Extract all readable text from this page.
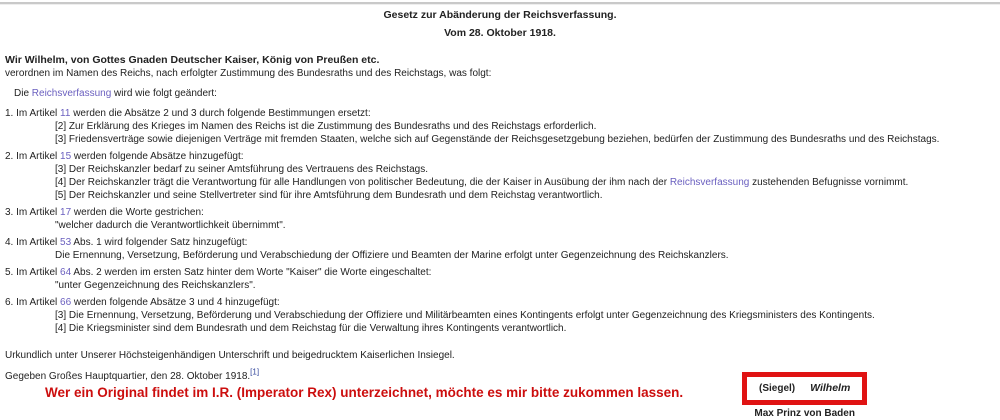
Gesetz zur Abänderung der Reichsverfassung.
Vom 28. Oktober 1918.

Wir Wilhelm, von Gottes Gnaden Deutscher Kaiser, König von Preußen etc.

verordnen im Namen des Reichs, nach erfolgter Zustimmung des Bundesraths und des Reichstags, was folgt:

Die Reichsverfassung wird wie folgt geändert:

1. Im Artikel 11 werden die Absätze 2 und 3 durch folgende Bestimmungen ersetzt:

[2] Zur Erklärung des Krieges im Namen des Reichs ist die Zustimmung des Bundesraths und des Reichstags erforderlich.

[3] Friedensverträge sowie diejenigen Verträge mit fremden Staaten, welche sich auf Gegenstände der Reichsgesetzgebung beziehen, bedürfen der Zustimmung des Bundesraths und des Reichstags.

2. Im Artikel 15 werden folgende Absätze hinzugefügt:

[3] Der Reichskanzler bedarf zu seiner Amtsführung des Vertrauens des Reichstags.

[4] Der Reichskanzler trägt die Verantwortung für alle Handlungen von politischer Bedeutung, die der Kaiser in Ausübung der ihm nach der Reichsverfassung zustehenden Befugnisse vornimmt.

[5] Der Reichskanzler und seine Stellvertreter sind für ihre Amtsführung dem Bundesrath und dem Reichstag verantwortlich.

3. Im Artikel 17 werden die Worte gestrichen:

"welcher dadurch die Verantwortlichkeit übernimmt".

4. Im Artikel 53 Abs. 1 wird folgender Satz hinzugefügt:

Die Ernennung, Versetzung, Beförderung und Verabschiedung der Offiziere und Beamten der Marine erfolgt unter Gegenzeichnung des Reichskanzlers.

5. Im Artikel 64 Abs. 2 werden im ersten Satz hinter dem Worte "Kaiser" die Worte eingeschaltet:

"unter Gegenzeichnung des Reichskanzlers".

6. Im Artikel 66 werden folgende Absätze 3 und 4 hinzugefügt:

[3] Die Ernennung, Versetzung, Beförderung und Verabschiedung der Offiziere und Militärbeamten eines Kontingents erfolgt unter Gegenzeichnung des Kriegsministers des Kontingents.

[4] Die Kriegsminister sind dem Bundesrath und dem Reichstag für die Verwaltung ihres Kontingents verantwortlich.

Urkundlich unter Unserer Höchsteigenhändigen Unterschrift und beigedrucktem Kaiserlichen Insiegel.

Gegeben Großes Hauptquartier, den 28. Oktober 1918.[1]

Wer ein Original findet im I.R. (Imperator Rex) unterzeichnet, möchte es mir bitte zukommen lassen.	(Siegel) Wilhelm
Max Prinz von Baden
